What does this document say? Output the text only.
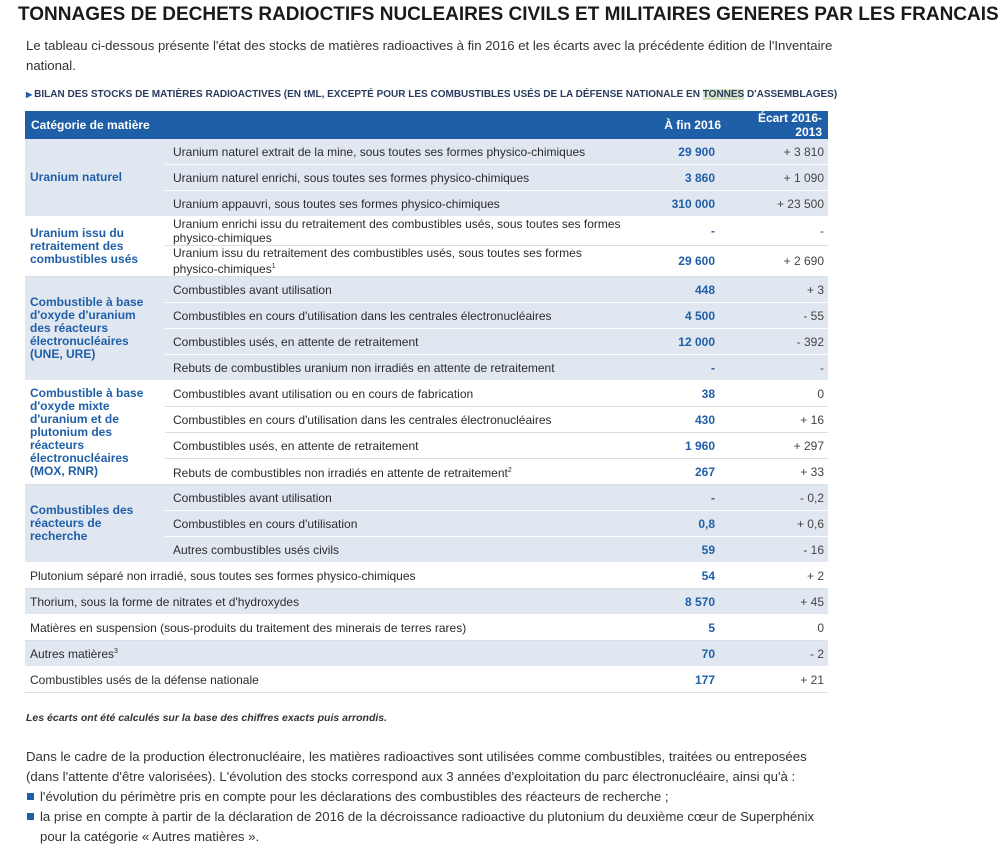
TONNAGES DE DECHETS RADIOCTIFS NUCLEAIRES CIVILS ET MILITAIRES GENERES PAR LES FRANCAIS
Le tableau ci-dessous présente l'état des stocks de matières radioactives à fin 2016 et les écarts avec la précédente édition de l'Inventaire national.
▶ BILAN DES STOCKS DE MATIÈRES RADIOACTIVES (EN tML, EXCEPTÉ POUR LES COMBUSTIBLES USÉS DE LA DÉFENSE NATIONALE EN TONNES D'ASSEMBLAGES)
Catégorie de matière		À fin 2016	Écart 2016-2013
Uranium naturel	Uranium naturel extrait de la mine, sous toutes ses formes physico-chimiques	29 900	+ 3 810
	Uranium naturel enrichi, sous toutes ses formes physico-chimiques	3 860	+ 1 090
	Uranium appauvri, sous toutes ses formes physico-chimiques	310 000	+ 23 500
Uranium issu du retraitement des combustibles usés	Uranium enrichi issu du retraitement des combustibles usés, sous toutes ses formes physico-chimiques	-	-
	Uranium issu du retraitement des combustibles usés, sous toutes ses formes physico-chimiques$^1$	29 600	+ 2 690
Combustible à base d'oxyde d'uranium des réacteurs électronucléaires (UNE, URE)	Combustibles avant utilisation	448	+ 3
	Combustibles en cours d'utilisation dans les centrales électronucléaires	4 500	- 55
	Combustibles usés, en attente de retraitement	12 000	- 392
	Rebuts de combustibles uranium non irradiés en attente de retraitement	-	-
Combustible à base d'oxyde mixte d'uranium et de plutonium des réacteurs électronucléaires (MOX, RNR)	Combustibles avant utilisation ou en cours de fabrication	38	0
	Combustibles en cours d'utilisation dans les centrales électronucléaires	430	+ 16
	Combustibles usés, en attente de retraitement	1 960	+ 297
	Rebuts de combustibles non irradiés en attente de retraitement$^2$	267	+ 33
Combustibles des réacteurs de recherche	Combustibles avant utilisation	-	- 0,2
	Combustibles en cours d'utilisation	0,8	+ 0,6
	Autres combustibles usés civils	59	- 16
Plutonium séparé non irradié, sous toutes ses formes physico-chimiques		54	+ 2
Thorium, sous la forme de nitrates et d'hydroxydes		8 570	+ 45
Matières en suspension (sous-produits du traitement des minerais de terres rares)		5	0
Autres matières$^3$		70	- 2
Combustibles usés de la défense nationale		177	+ 21
Les écarts ont été calculés sur la base des chiffres exacts puis arrondis.
Dans le cadre de la production électronucléaire, les matières radioactives sont utilisées comme combustibles, traitées ou entreposées (dans l'attente d'être valorisées). L'évolution des stocks correspond aux 3 années d'exploitation du parc électronucléaire, ainsi qu'à :
l'évolution du périmètre pris en compte pour les déclarations des combustibles des réacteurs de recherche ;
la prise en compte à partir de la déclaration de 2016 de la décroissance radioactive du plutonium du deuxième cœur de Superphénix pour la catégorie « Autres matières ».
